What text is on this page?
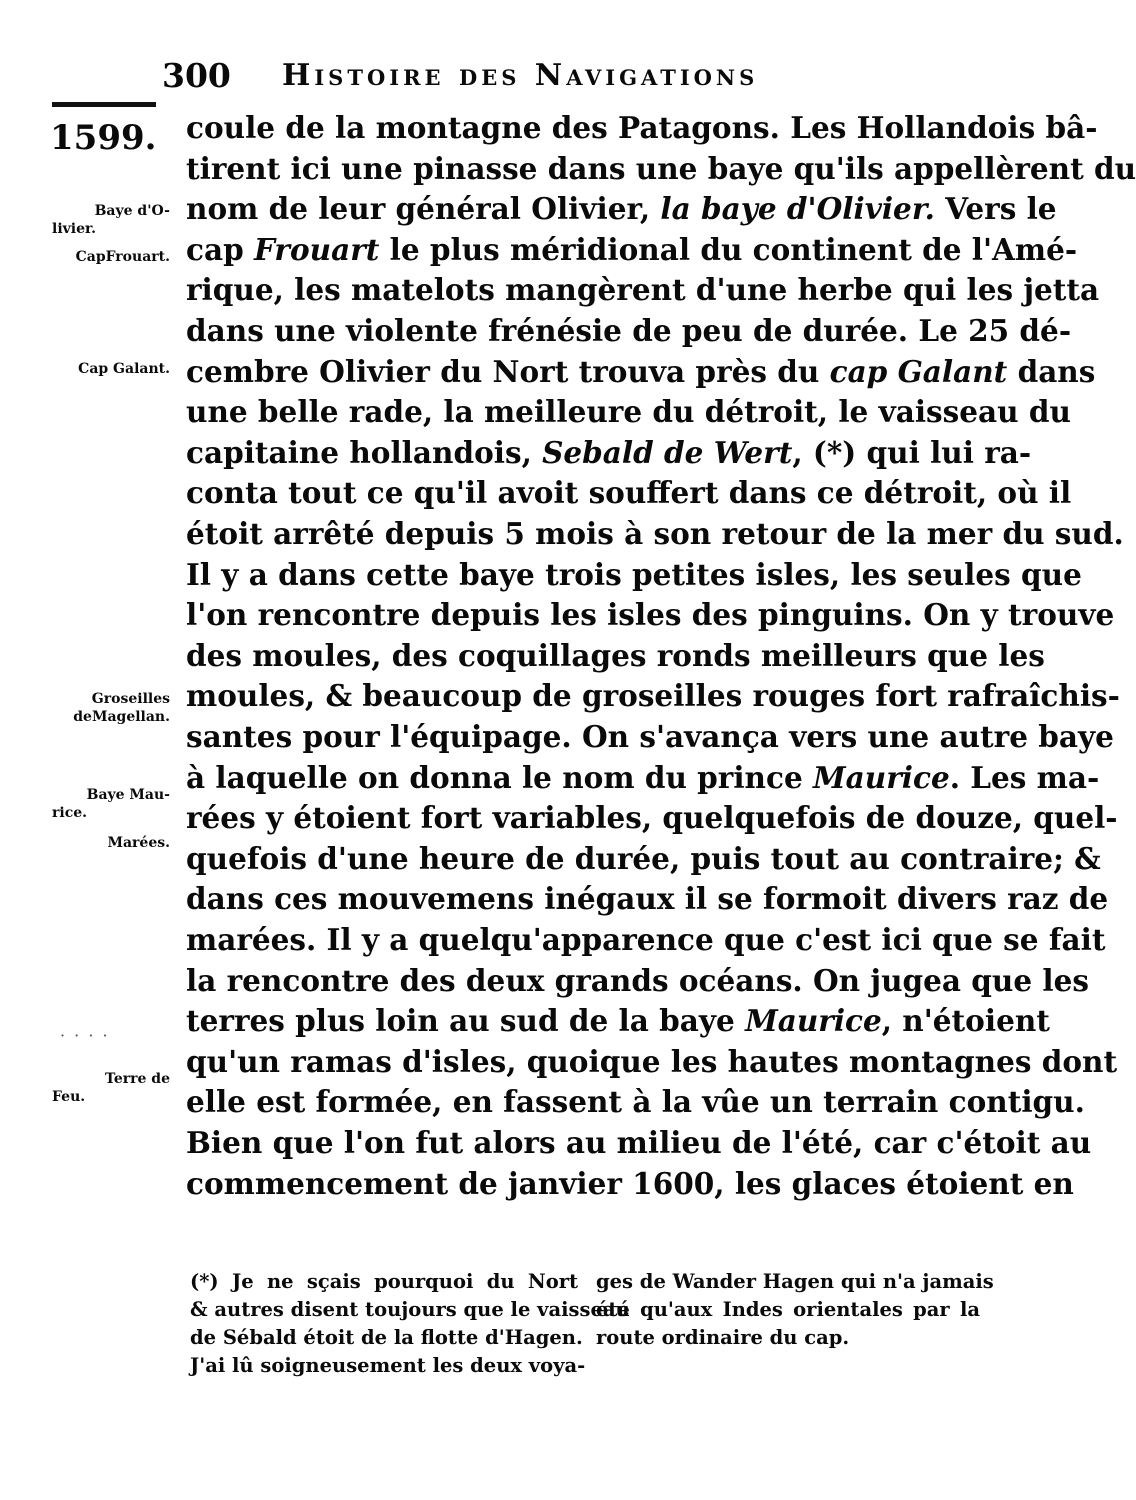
300 Histoire des Navigations
1599.
Baye d'O-
livier.
CapFrouart.
Cap Galant.
Groseilles
deMagellan.
Baye Mau-
rice.
Marées.
Terre de
Feu.
· · · ·
coule de la montagne des Patagons. Les Hollandois bâ-
tirent ici une pinasse dans une baye qu'ils appellèrent du
nom de leur général Olivier, la baye d'Olivier. Vers le
cap Frouart le plus méridional du continent de l'Amé-
rique, les matelots mangèrent d'une herbe qui les jetta
dans une violente frénésie de peu de durée. Le 25 dé-
cembre Olivier du Nort trouva près du cap Galant dans
une belle rade, la meilleure du détroit, le vaisseau du
capitaine hollandois, Sebald de Wert, (*) qui lui ra-
conta tout ce qu'il avoit souffert dans ce détroit, où il
étoit arrêté depuis 5 mois à son retour de la mer du sud.
Il y a dans cette baye trois petites isles, les seules que
l'on rencontre depuis les isles des pinguins. On y trouve
des moules, des coquillages ronds meilleurs que les
moules, & beaucoup de groseilles rouges fort rafraîchis-
santes pour l'équipage. On s'avança vers une autre baye
à laquelle on donna le nom du prince Maurice. Les ma-
rées y étoient fort variables, quelquefois de douze, quel-
quefois d'une heure de durée, puis tout au contraire; &
dans ces mouvemens inégaux il se formoit divers raz de
marées. Il y a quelqu'apparence que c'est ici que se fait
la rencontre des deux grands océans. On jugea que les
terres plus loin au sud de la baye Maurice, n'étoient
qu'un ramas d'isles, quoique les hautes montagnes dont
elle est formée, en fassent à la vûe un terrain contigu.
Bien que l'on fut alors au milieu de l'été, car c'étoit au
commencement de janvier 1600, les glaces étoient en
(*) Je ne sçais pourquoi du Nort
& autres disent toujours que le vaisseau
de Sébald étoit de la flotte d'Hagen.
J'ai lû soigneusement les deux voya-
ges de Wander Hagen qui n'a jamais
été qu'aux Indes orientales par la
route ordinaire du cap.
